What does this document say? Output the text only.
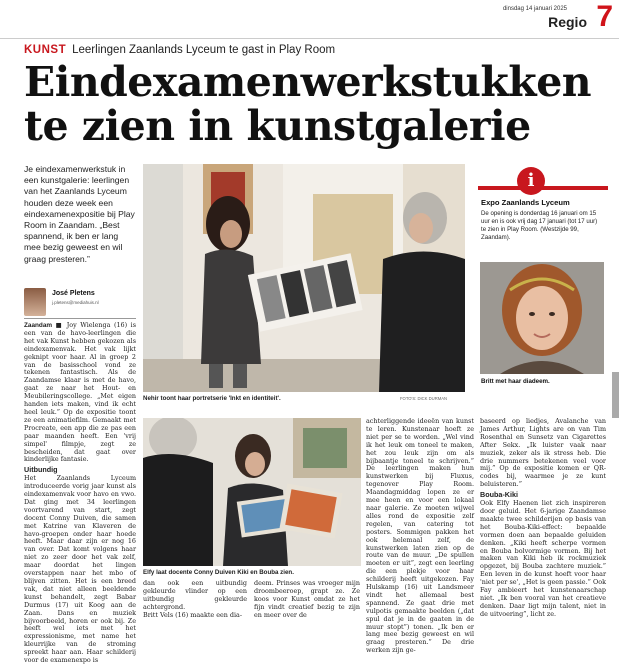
dinsdag 14 januari 2025
Regio 7
KUNST Leerlingen Zaanlands Lyceum te gast in Play Room
Eindexamenwerkstukken te zien in kunstgalerie
Je eindexamenwerkstuk in een kunstgalerie: leerlingen van het Zaanlands Lyceum houden deze week een eindexamenexpositie bij Play Room in Zaandam. „Best spannend, ik ben er lang mee bezig geweest en wil graag presteren.”
José Pletens
j.pletens@mediahuis.nl

Zaandam ■ Joy Wielenga (16) is een van de havo-leerlingen die het vak Kunst hebben gekozen als eindexamenvak. Het vak lijkt geknipt voor haar. Al in groep 2 van de basisschool vond ze tekenen fantastisch. Als de Zaandamse klaar is met de havo, gaat ze naar het Hout- en Meubileringscollege. „Met eigen handen iets maken, vind ik echt heel leuk.” Op de expositie toont ze een animatiefilm. Gemaakt met Procreate, een app die ze pas een paar maanden heeft. Een 'vrij simpel' filmpje, zegt ze bescheiden, dat gaat over kinderlijke fantasie.

Uitbundig

Het Zaanlands Lyceum introduceerde vorig jaar kunst als eindexamenvak voor havo en vwo. Dat ging met 34 leerlingen voortvarend van start, zegt docent Conny Duiven, die samen met Katrine van Klaveren de havo-groepen onder haar hoede heeft. Maar daar zijn er nog 16 van over. Dat komt volgens haar niet zo zeer door het vak zelf, maar doordat het lingen overstappen naar het mbo of blijven zitten. Het is een breed vak, dat niet alleen beeldende kunst behandelt, zegt Babar Durmus (17) uit Koog aan de Zaan. Dans en muziek bijvoorbeeld, horen er ook bij. Ze heeft wel iets met het expressionisme, met name het kleurrijke van de stroming spreekt haar aan. Haar schilderij voor de examenexpo is

Nehir toont haar portretserie 'Inkt en identiteit'.	FOTO'S: DICK DURMAN
Elfy laat docente Conny Duiven Kiki en Bouba zien.

dan ook een uitbundig gekleurde vlinder op een uitbundig gekleurde achtergrond.
Britt Vels (16) maakte een dia-

deem. Prinses was vroeger mijn droombeeroep, grapt ze. Ze koos voor Kunst omdat ze het fijn vindt creatief bezig te zijn en meer over de

achterliggende ideeën van kunst te leren. Kunstenaar hoeft ze niet per se te worden. „Wel vind ik het leuk om toneel te maken, het zou leuk zijn om als bijbaantje toneel te schrijven.” De leerlingen maken hun kunstwerken bij Fluxus, tegenover Play Room. Maandagmiddag lopen ze er mee heen en voor een lokaal naar galerie. Ze moeten wijwel alles rond de expositie zelf regelen, van catering tot posters. Sommigen pakken het ook helemaal zelf, de kunstwerken laten zien op de route van de muur. „De spullen moeten er uit”, zegt een leerling die een plekje voor haar schilderij heeft uitgekozen. Fay Hulskamp (16) uit Landsmeer vindt het allemaal best spannend. Ze gaat drie met vulpotis gemaakte beelden („dat spul dat je in de gaaten in de muur stopt”) tonen. „Ik ben er lang mee bezig geweest en wil graag presteren.” De drie werken zijn ge-

baseerd op liedjes, Avalanche van James Arthur, Lights are on van Tim Rosenthal en Sunsetz van Cigarettes After Sekx. „Ik luister vaak naar muziek, zeker als ik stress heb. Die drie nummers betekenen veel voor mij.” Op de expositie komen er QR-codes bij, waarmee je ze kunt beluisteren.”

Bouba-Kiki

Ook Elfy Haenen liet zich inspireren door geluid. Het 6-jarige Zaandamse maakte twee schilderijen op basis van het Bouba-Kiki-effect: bepaalde vormen doen aan bepaalde geluiden denken. „Kiki heeft scherpe vormen en Bouba bolvormige vormen. Bij het maken van Kiki heb ik rockmuziek opgezet, bij Bouba zachtere muziek.” Een leven in de kunst hoeft voor haar 'niet per se', „Het is geen passie.” Ook Fay ambieert het kunstenaarschap niet. „Ik ben vooral van het creatieve denken. Daar ligt mijn talent, niet in de uitvoering”, licht ze.

i
Expo Zaanlands Lyceum
De opening is donderdag 16 januari om 15 uur en is ook vrij dag 17 januari (tot 17 uur) te zien in Play Room. (Westzijde 99, Zaandam).
Britt met haar diadeem.
